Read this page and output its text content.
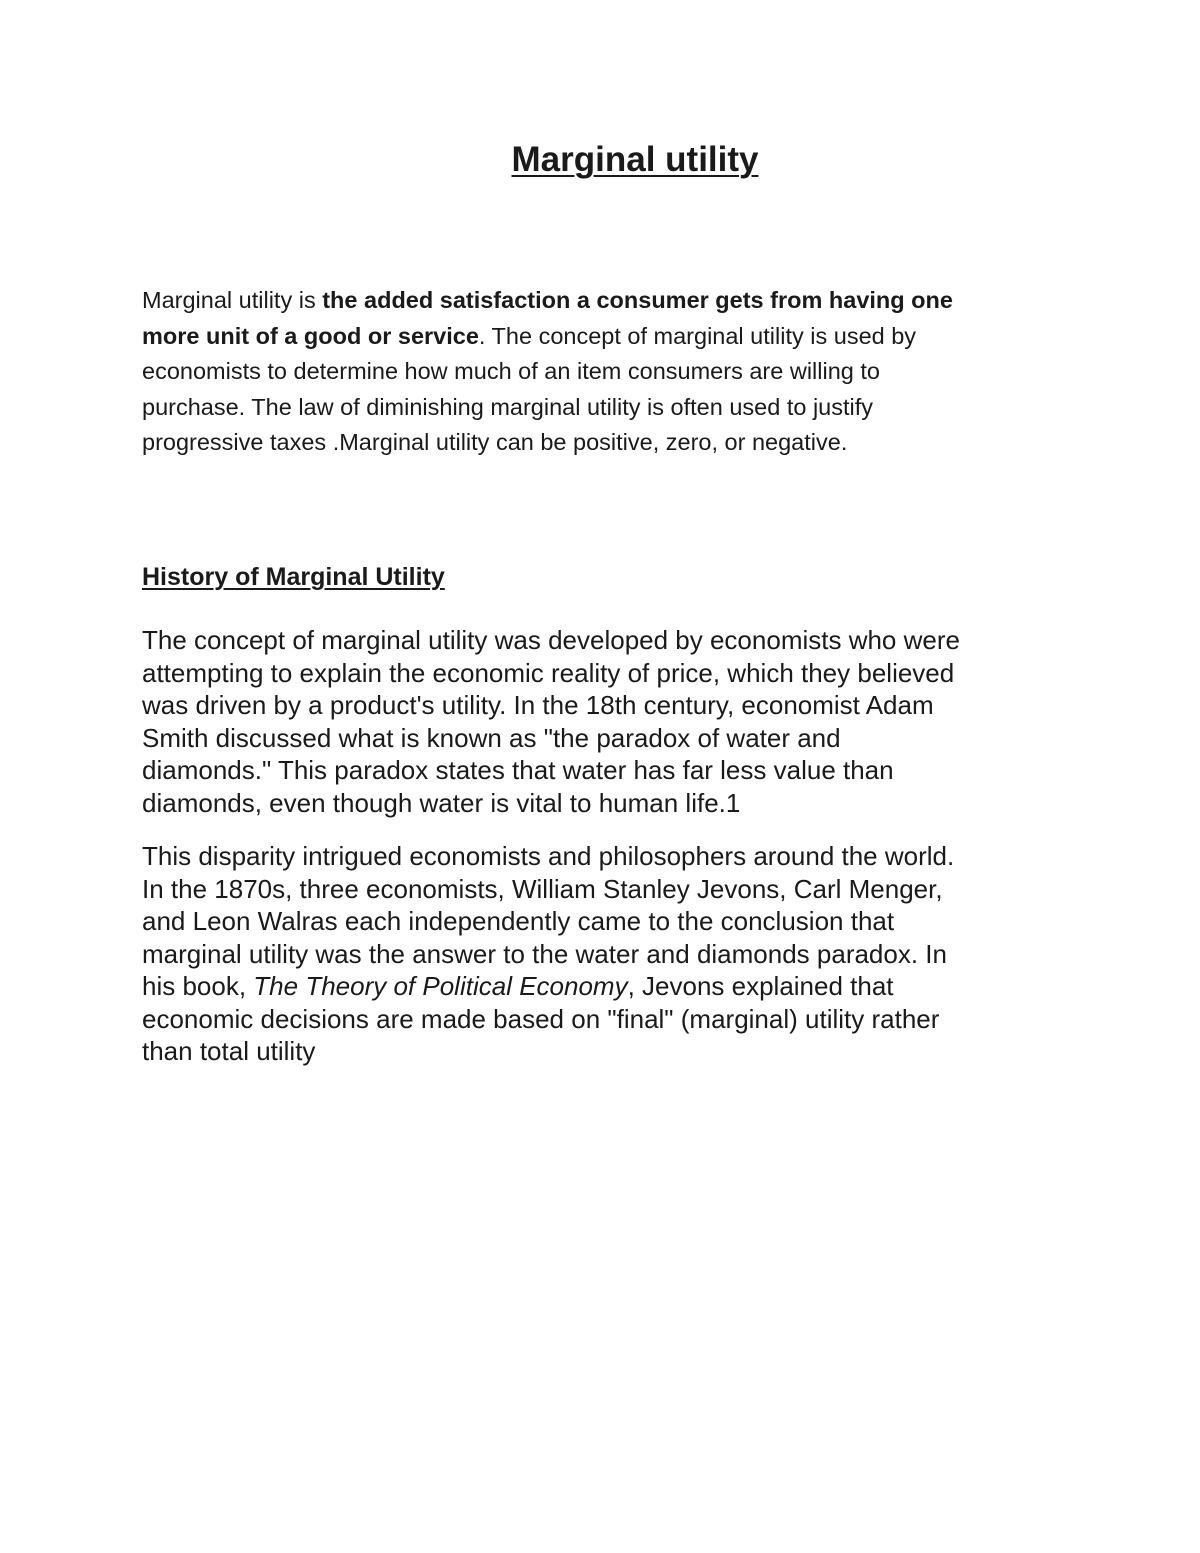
Marginal utility

Marginal utility is the added satisfaction a consumer gets from having one
more unit of a good or service. The concept of marginal utility is used by
economists to determine how much of an item consumers are willing to
purchase. The law of diminishing marginal utility is often used to justify
progressive taxes .Marginal utility can be positive, zero, or negative.

History of Marginal Utility

The concept of marginal utility was developed by economists who were
attempting to explain the economic reality of price, which they believed
was driven by a product's utility. In the 18th century, economist Adam
Smith discussed what is known as "the paradox of water and
diamonds." This paradox states that water has far less value than
diamonds, even though water is vital to human life.1

This disparity intrigued economists and philosophers around the world.
In the 1870s, three economists, William Stanley Jevons, Carl Menger,
and Leon Walras each independently came to the conclusion that
marginal utility was the answer to the water and diamonds paradox. In
his book, The Theory of Political Economy, Jevons explained that
economic decisions are made based on "final" (marginal) utility rather
than total utility
